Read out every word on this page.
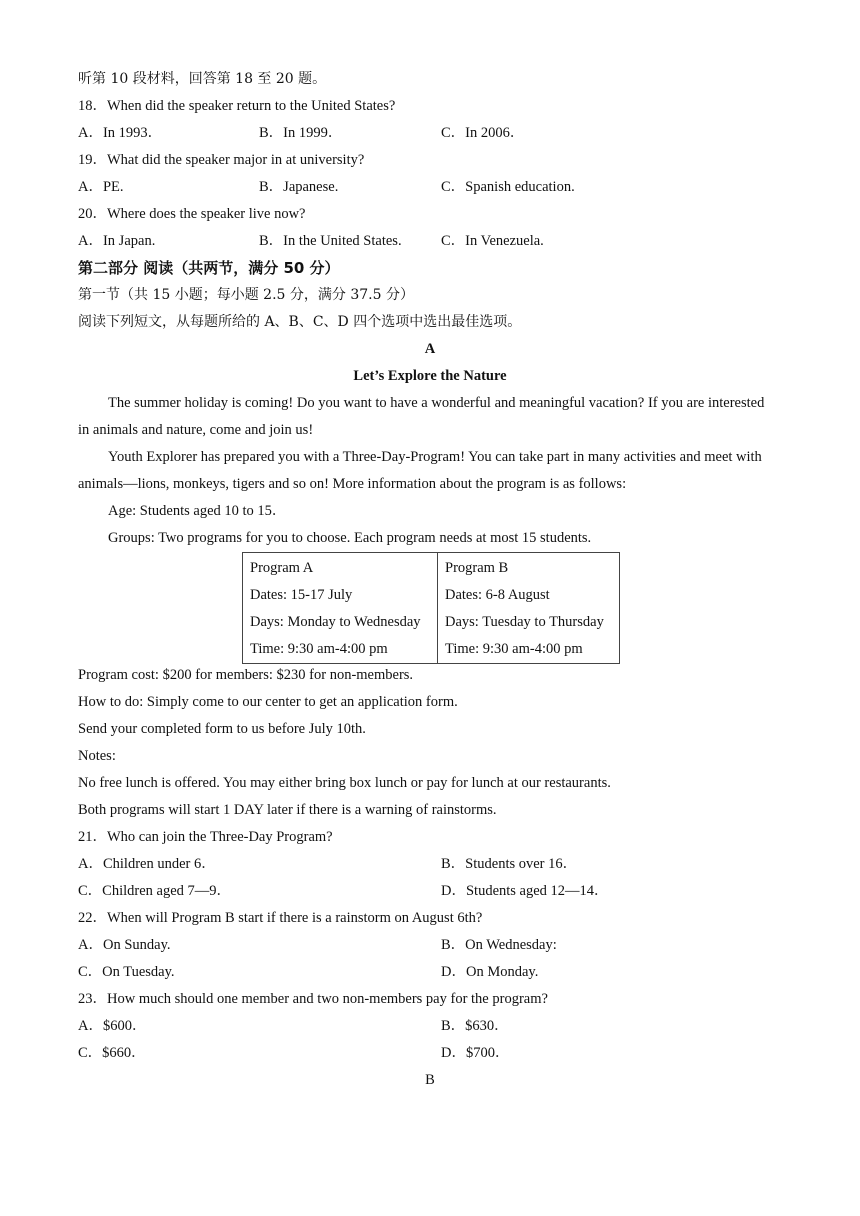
听第 10 段材料，回答第 18 至 20 题。
18．When did the speaker return to the United States?
A．In 1993．	B．In 1999．	C．In 2006．
19．What did the speaker major in at university?
A．PE.	B．Japanese.	C．Spanish education.
20．Where does the speaker live now?
A．In Japan.	B．In the United States.	C．In Venezuela.
第二部分 阅读（共两节，满分 50 分）
第一节（共 15 小题；每小题 2.5 分，满分 37.5 分）
阅读下列短文，从每题所给的 A、B、C、D 四个选项中选出最佳选项。
A
Let’s Explore the Nature
The summer holiday is coming! Do you want to have a wonderful and meaningful vacation? If you are interested
in animals and nature, come and join us!
Youth Explorer has prepared you with a Three-Day-Program! You can take part in many activities and meet with
animals—lions, monkeys, tigers and so on! More information about the program is as follows:
Age: Students aged 10 to 15．
Groups: Two programs for you to choose. Each program needs at most 15 students.
Program A
Dates: 15-17 July
Days: Monday to Wednesday
Time: 9:30 am-4:00 pm

Program B
Dates: 6-8 August
Days: Tuesday to Thursday
Time: 9:30 am-4:00 pm
Program cost: $200 for members: $230 for non-members.
How to do: Simply come to our center to get an application form.
Send your completed form to us before July 10th.
Notes:
No free lunch is offered. You may either bring box lunch or pay for lunch at our restaurants.
Both programs will start 1 DAY later if there is a warning of rainstorms.
21．Who can join the Three-Day Program?
A．Children under 6．	B．Students over 16．
C．Children aged 7—9．	D．Students aged 12—14．
22．When will Program B start if there is a rainstorm on August 6th?
A．On Sunday.	B．On Wednesday:
C．On Tuesday.	D．On Monday.
23．How much should one member and two non-members pay for the program?
A．$600．	B．$630．
C．$660．	D．$700．
B
